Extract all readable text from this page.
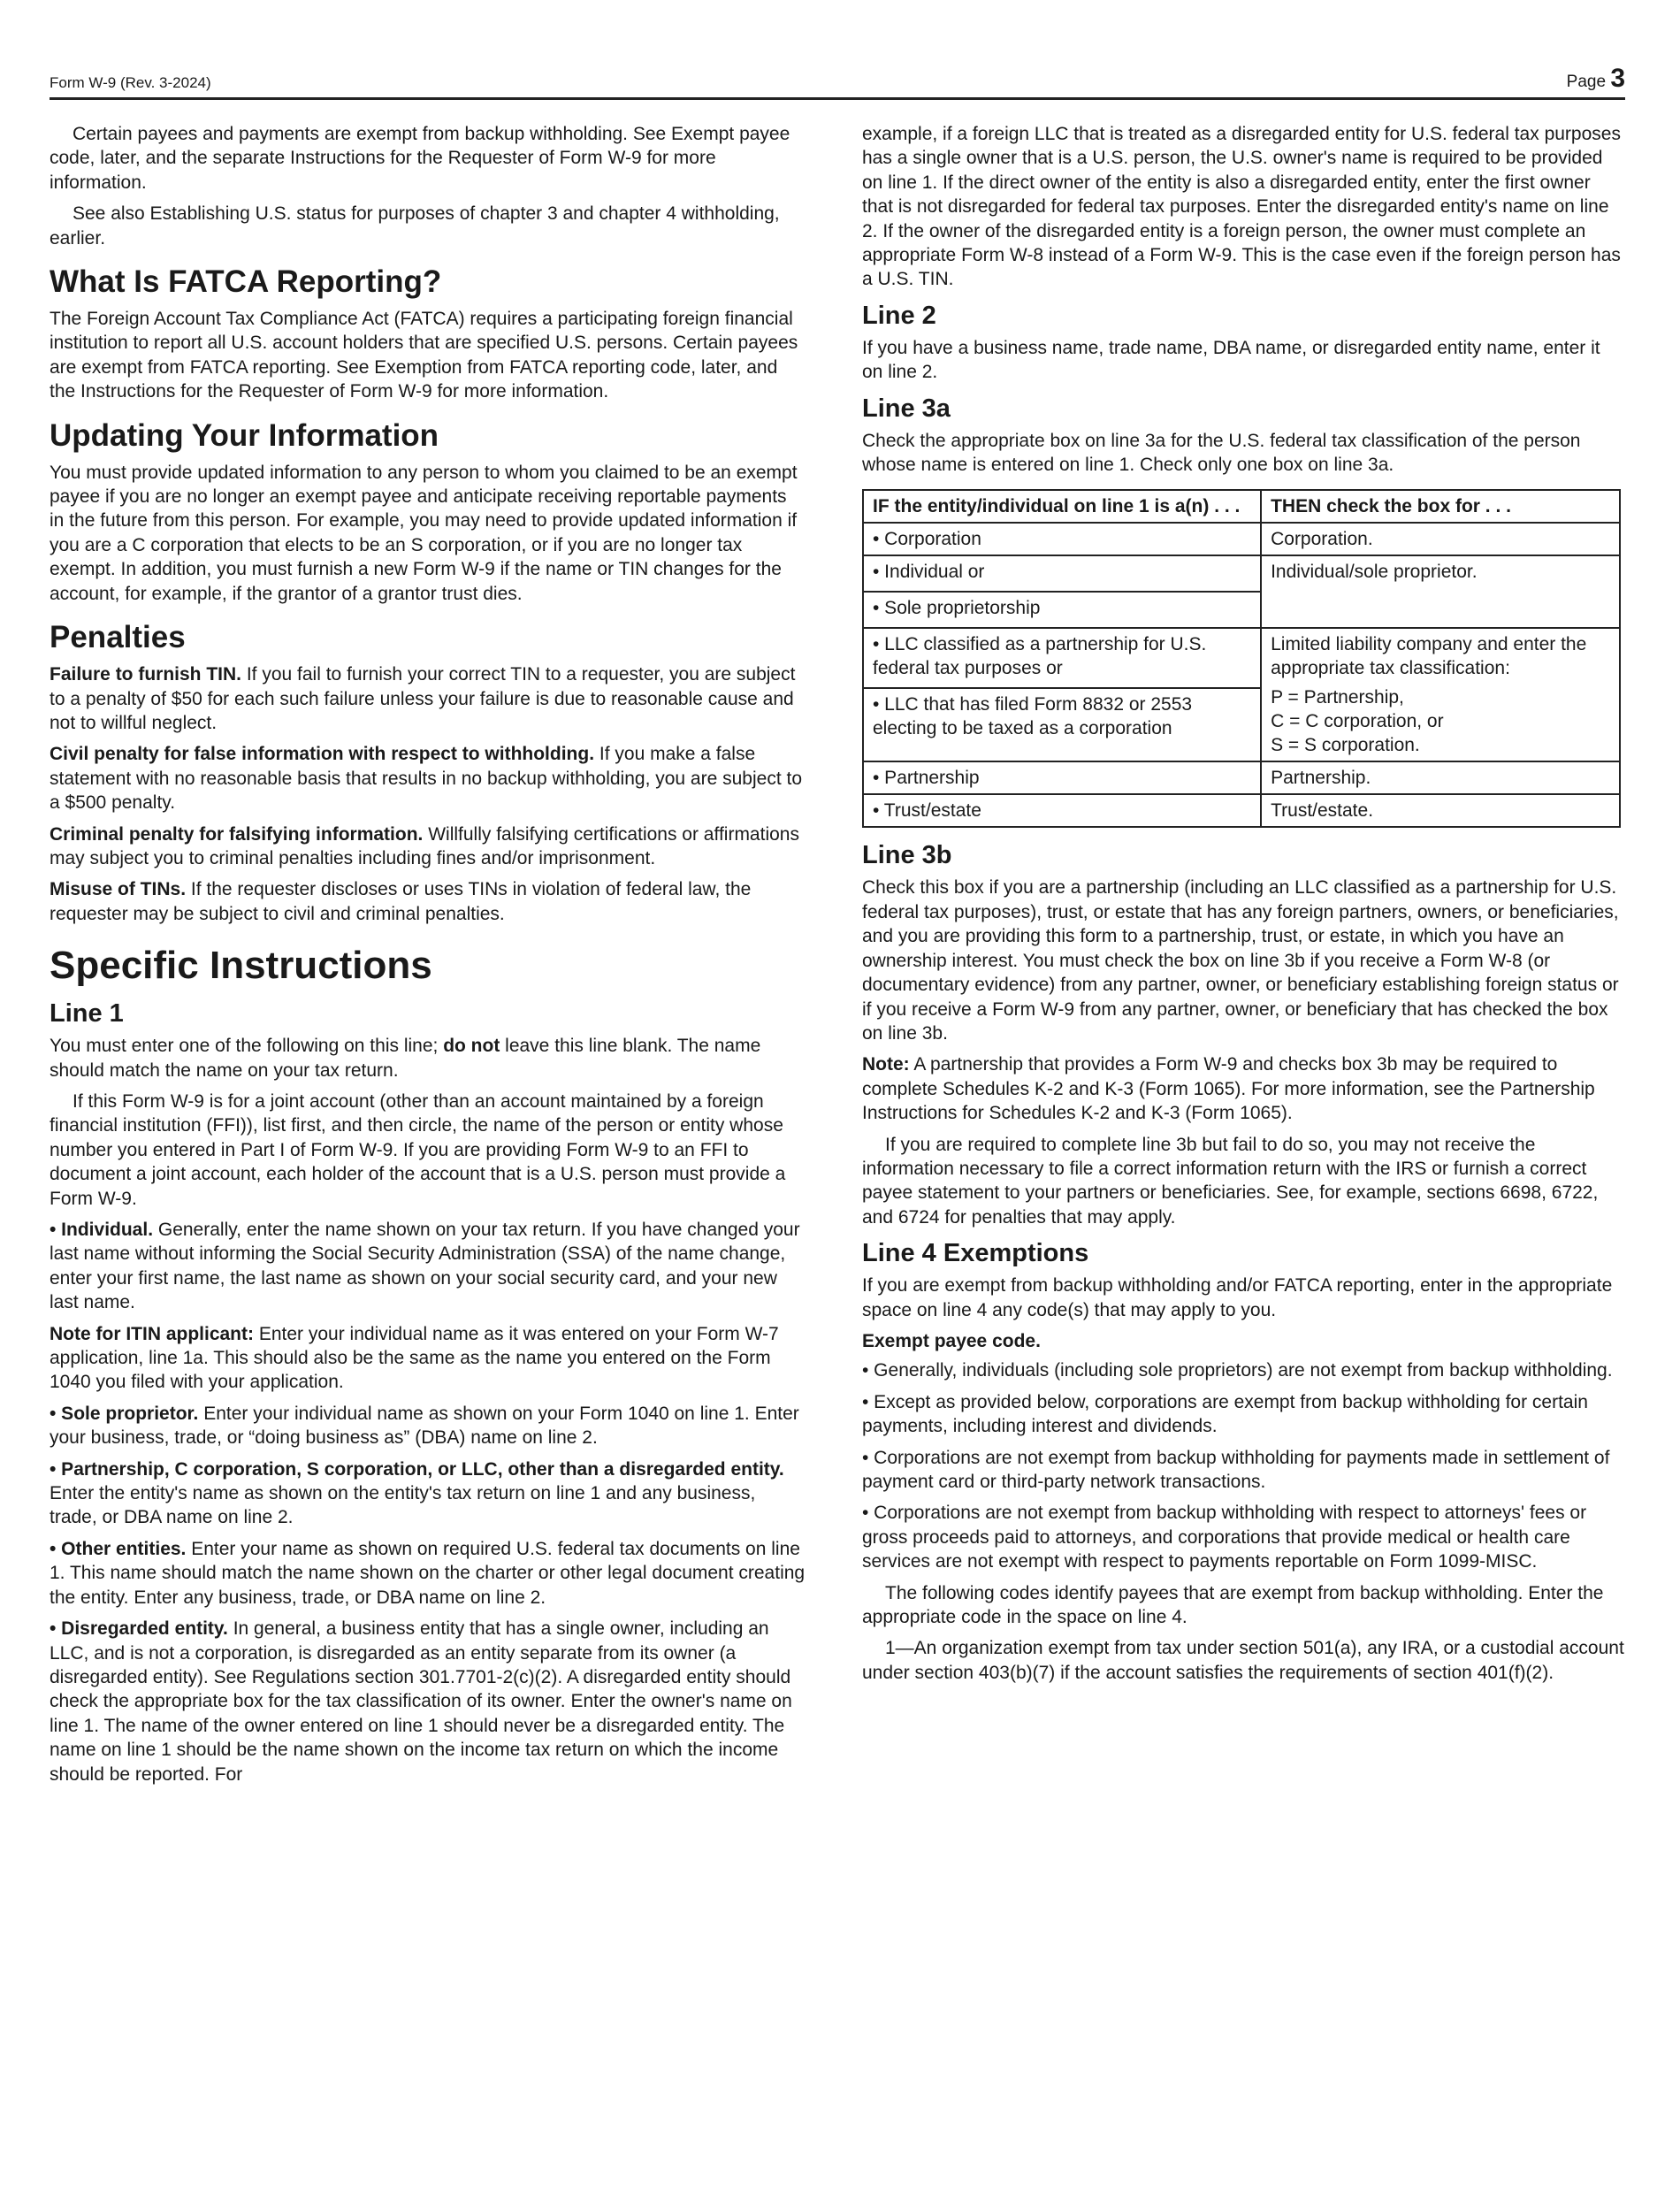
Form W-9 (Rev. 3-2024)	Page 3

Certain payees and payments are exempt from backup withholding. See Exempt payee code, later, and the separate Instructions for the Requester of Form W-9 for more information.

See also Establishing U.S. status for purposes of chapter 3 and chapter 4 withholding, earlier.

What Is FATCA Reporting?

The Foreign Account Tax Compliance Act (FATCA) requires a participating foreign financial institution to report all U.S. account holders that are specified U.S. persons. Certain payees are exempt from FATCA reporting. See Exemption from FATCA reporting code, later, and the Instructions for the Requester of Form W-9 for more information.

Updating Your Information

You must provide updated information to any person to whom you claimed to be an exempt payee if you are no longer an exempt payee and anticipate receiving reportable payments in the future from this person. For example, you may need to provide updated information if you are a C corporation that elects to be an S corporation, or if you are no longer tax exempt. In addition, you must furnish a new Form W-9 if the name or TIN changes for the account, for example, if the grantor of a grantor trust dies.

Penalties

Failure to furnish TIN. If you fail to furnish your correct TIN to a requester, you are subject to a penalty of $50 for each such failure unless your failure is due to reasonable cause and not to willful neglect.

Civil penalty for false information with respect to withholding. If you make a false statement with no reasonable basis that results in no backup withholding, you are subject to a $500 penalty.

Criminal penalty for falsifying information. Willfully falsifying certifications or affirmations may subject you to criminal penalties including fines and/or imprisonment.

Misuse of TINs. If the requester discloses or uses TINs in violation of federal law, the requester may be subject to civil and criminal penalties.

Specific Instructions
Line 1

You must enter one of the following on this line; do not leave this line blank. The name should match the name on your tax return.

If this Form W-9 is for a joint account (other than an account maintained by a foreign financial institution (FFI)), list first, and then circle, the name of the person or entity whose number you entered in Part I of Form W-9. If you are providing Form W-9 to an FFI to document a joint account, each holder of the account that is a U.S. person must provide a Form W-9.

• Individual. Generally, enter the name shown on your tax return. If you have changed your last name without informing the Social Security Administration (SSA) of the name change, enter your first name, the last name as shown on your social security card, and your new last name.

Note for ITIN applicant: Enter your individual name as it was entered on your Form W-7 application, line 1a. This should also be the same as the name you entered on the Form 1040 you filed with your application.

• Sole proprietor. Enter your individual name as shown on your Form 1040 on line 1. Enter your business, trade, or “doing business as” (DBA) name on line 2.

• Partnership, C corporation, S corporation, or LLC, other than a disregarded entity. Enter the entity's name as shown on the entity's tax return on line 1 and any business, trade, or DBA name on line 2.

• Other entities. Enter your name as shown on required U.S. federal tax documents on line 1. This name should match the name shown on the charter or other legal document creating the entity. Enter any business, trade, or DBA name on line 2.

• Disregarded entity. In general, a business entity that has a single owner, including an LLC, and is not a corporation, is disregarded as an entity separate from its owner (a disregarded entity). See Regulations section 301.7701-2(c)(2). A disregarded entity should check the appropriate box for the tax classification of its owner. Enter the owner's name on line 1. The name of the owner entered on line 1 should never be a disregarded entity. The name on line 1 should be the name shown on the income tax return on which the income should be reported. For

example, if a foreign LLC that is treated as a disregarded entity for U.S. federal tax purposes has a single owner that is a U.S. person, the U.S. owner's name is required to be provided on line 1. If the direct owner of the entity is also a disregarded entity, enter the first owner that is not disregarded for federal tax purposes. Enter the disregarded entity's name on line 2. If the owner of the disregarded entity is a foreign person, the owner must complete an appropriate Form W-8 instead of a Form W-9. This is the case even if the foreign person has a U.S. TIN.

Line 2

If you have a business name, trade name, DBA name, or disregarded entity name, enter it on line 2.

Line 3a

Check the appropriate box on line 3a for the U.S. federal tax classification of the person whose name is entered on line 1. Check only one box on line 3a.

IF the entity/individual on line 1 is a(n) . . .	THEN check the box for . . .
• Corporation	Corporation.

• Individual or
• Sole proprietorship	Individual/sole proprietor.

• LLC classified as a partnership for U.S. federal tax purposes or
• LLC that has filed Form 8832 or 2553 electing to be taxed as a corporation	Limited liability company and enter the appropriate tax classification:
P = Partnership,
C = C corporation, or
S = S corporation.

• Partnership	Partnership.
• Trust/estate	Trust/estate.
Line 3b

Check this box if you are a partnership (including an LLC classified as a partnership for U.S. federal tax purposes), trust, or estate that has any foreign partners, owners, or beneficiaries, and you are providing this form to a partnership, trust, or estate, in which you have an ownership interest. You must check the box on line 3b if you receive a Form W-8 (or documentary evidence) from any partner, owner, or beneficiary establishing foreign status or if you receive a Form W-9 from any partner, owner, or beneficiary that has checked the box on line 3b.

Note: A partnership that provides a Form W-9 and checks box 3b may be required to complete Schedules K-2 and K-3 (Form 1065). For more information, see the Partnership Instructions for Schedules K-2 and K-3 (Form 1065).

If you are required to complete line 3b but fail to do so, you may not receive the information necessary to file a correct information return with the IRS or furnish a correct payee statement to your partners or beneficiaries. See, for example, sections 6698, 6722, and 6724 for penalties that may apply.

Line 4 Exemptions

If you are exempt from backup withholding and/or FATCA reporting, enter in the appropriate space on line 4 any code(s) that may apply to you.

Exempt payee code.

• Generally, individuals (including sole proprietors) are not exempt from backup withholding.

• Except as provided below, corporations are exempt from backup withholding for certain payments, including interest and dividends.

• Corporations are not exempt from backup withholding for payments made in settlement of payment card or third-party network transactions.

• Corporations are not exempt from backup withholding with respect to attorneys' fees or gross proceeds paid to attorneys, and corporations that provide medical or health care services are not exempt with respect to payments reportable on Form 1099-MISC.

The following codes identify payees that are exempt from backup withholding. Enter the appropriate code in the space on line 4.

1—An organization exempt from tax under section 501(a), any IRA, or a custodial account under section 403(b)(7) if the account satisfies the requirements of section 401(f)(2).
